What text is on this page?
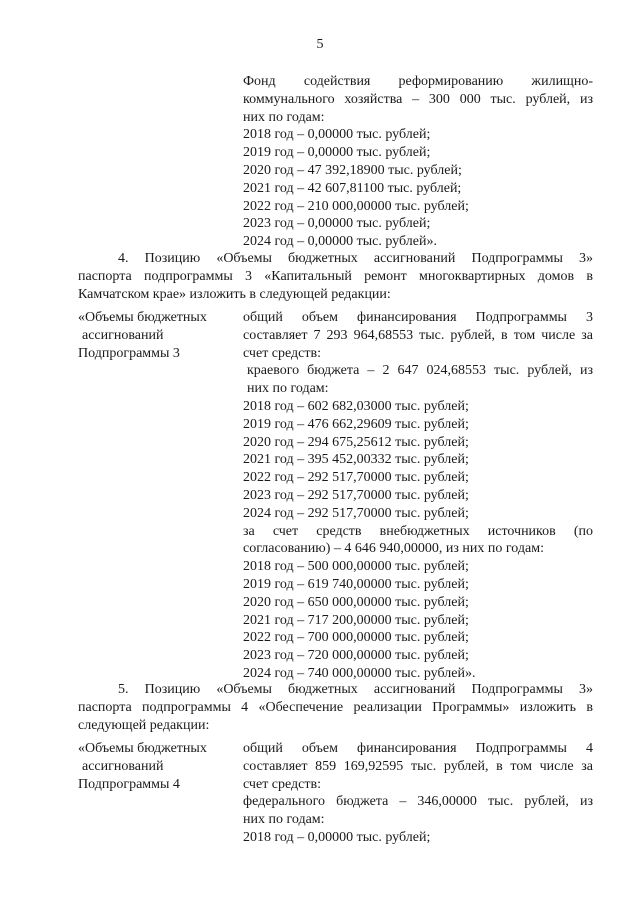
5
Фонд содействия реформированию жилищно-
коммунального хозяйства – 300 000 тыс. рублей, из
них по годам:
2018 год – 0,00000 тыс. рублей;
2019 год – 0,00000 тыс. рублей;
2020 год – 47 392,18900 тыс. рублей;
2021 год – 42 607,81100 тыс. рублей;
2022 год – 210 000,00000 тыс. рублей;
2023 год – 0,00000 тыс. рублей;
2024 год – 0,00000 тыс. рублей».
4. Позицию «Объемы бюджетных ассигнований Подпрограммы 3»
паспорта подпрограммы 3 «Капитальный ремонт многоквартирных домов в
Камчатском крае» изложить в следующей редакции:
«Объемы бюджетных
ассигнований
Подпрограммы 3
общий объем финансирования Подпрограммы 3
составляет 7 293 964,68553 тыс. рублей, в том числе за
счет средств:
краевого бюджета – 2 647 024,68553 тыс. рублей, из
них по годам:
2018 год – 602 682,03000 тыс. рублей;
2019 год – 476 662,29609 тыс. рублей;
2020 год – 294 675,25612 тыс. рублей;
2021 год – 395 452,00332 тыс. рублей;
2022 год – 292 517,70000 тыс. рублей;
2023 год – 292 517,70000 тыс. рублей;
2024 год – 292 517,70000 тыс. рублей;
за счет средств внебюджетных источников (по
согласованию) – 4 646 940,00000, из них по годам:
2018 год – 500 000,00000 тыс. рублей;
2019 год – 619 740,00000 тыс. рублей;
2020 год – 650 000,00000 тыс. рублей;
2021 год – 717 200,00000 тыс. рублей;
2022 год – 700 000,00000 тыс. рублей;
2023 год – 720 000,00000 тыс. рублей;
2024 год – 740 000,00000 тыс. рублей».
5. Позицию «Объемы бюджетных ассигнований Подпрограммы 3»
паспорта подпрограммы 4 «Обеспечение реализации Программы» изложить в
следующей редакции:
«Объемы бюджетных
ассигнований
Подпрограммы 4
общий объем финансирования Подпрограммы 4
составляет 859 169,92595 тыс. рублей, в том числе за
счет средств:
федерального бюджета – 346,00000 тыс. рублей, из
них по годам:
2018 год – 0,00000 тыс. рублей;
